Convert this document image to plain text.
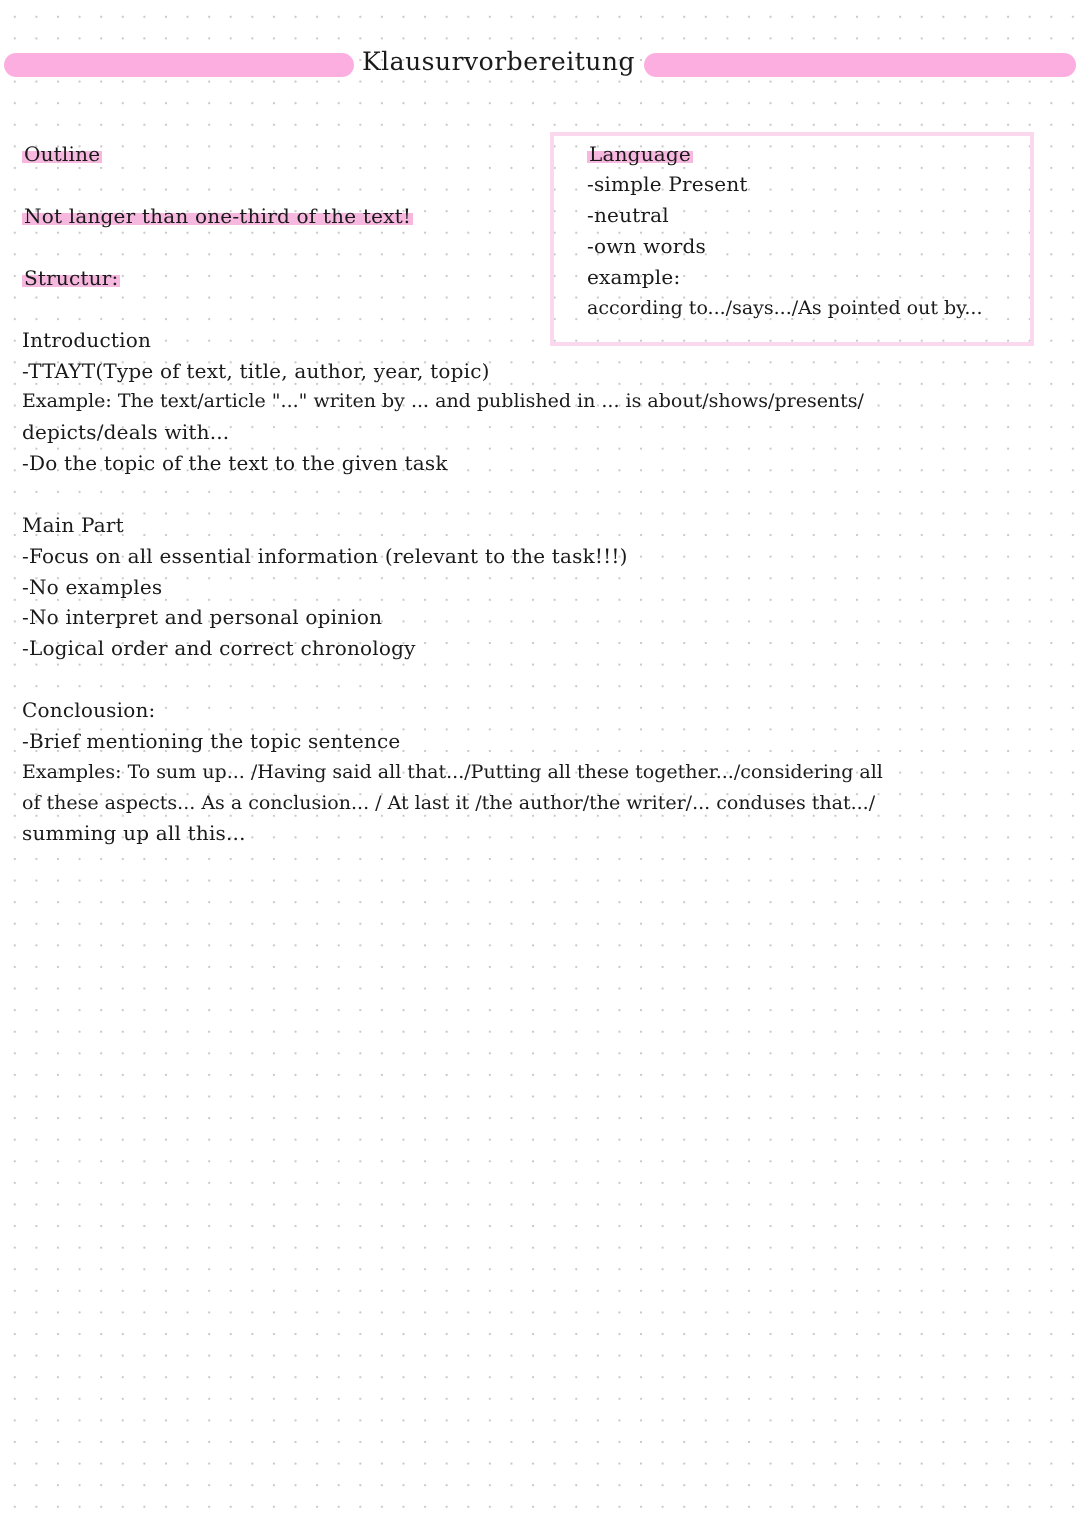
Klausurvorbereitung
Outline
Not langer than one-third of the text!
Structur:
Language
-simple Present
-neutral
-own words
example:
according to.../says.../As pointed out by...
Introduction
-TTAYT(Type of text, title, author, year, topic)
Example: The text/article "..." writen by ... and published in ... is about/shows/presents/
depicts/deals with...
-Do the topic of the text to the given task
Main Part
-Focus on all essential information (relevant to the task!!!)
-No examples
-No interpret and personal opinion
-Logical order and correct chronology
Conclousion:
-Brief mentioning the topic sentence
Examples: To sum up... /Having said all that.../Putting all these together.../considering all
of these aspects... As a conclusion... / At last it /the author/the writer/... conduses that.../
summing up all this...
